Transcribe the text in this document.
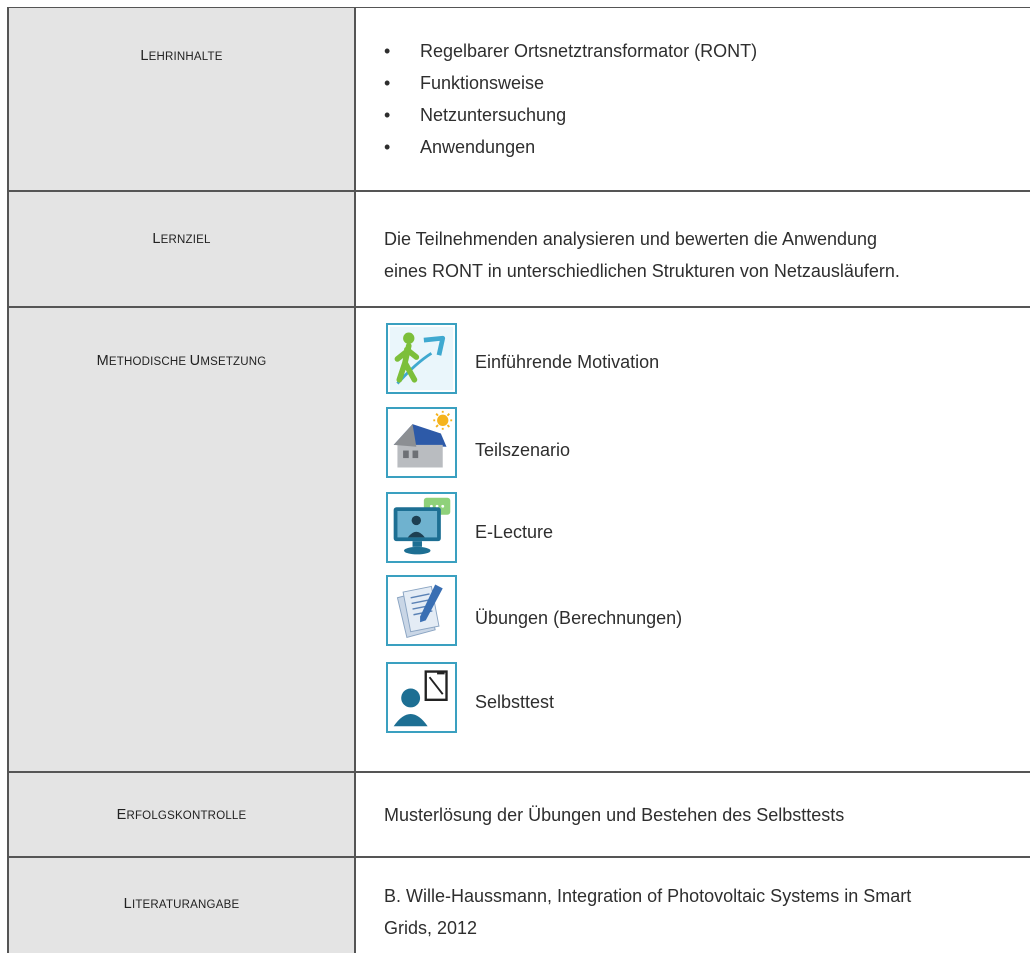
LEHRINHALTE	• Regelbarer Ortsnetztransformator (RONT)
• Funktionsweise
• Netzuntersuchung
• Anwendungen
LERNZIEL	Die Teilnehmenden analysieren und bewerten die Anwendung
eines RONT in unterschiedlichen Strukturen von Netzausläufern.
METHODISCHE UMSETZUNG	Einführende Motivation
Teilszenario
E-Lecture
Übungen (Berechnungen)
Selbsttest
ERFOLGSKONTROLLE	Musterlösung der Übungen und Bestehen des Selbsttests
LITERATURANGABE	B. Wille-Haussmann, Integration of Photovoltaic Systems in Smart
Grids, 2012
